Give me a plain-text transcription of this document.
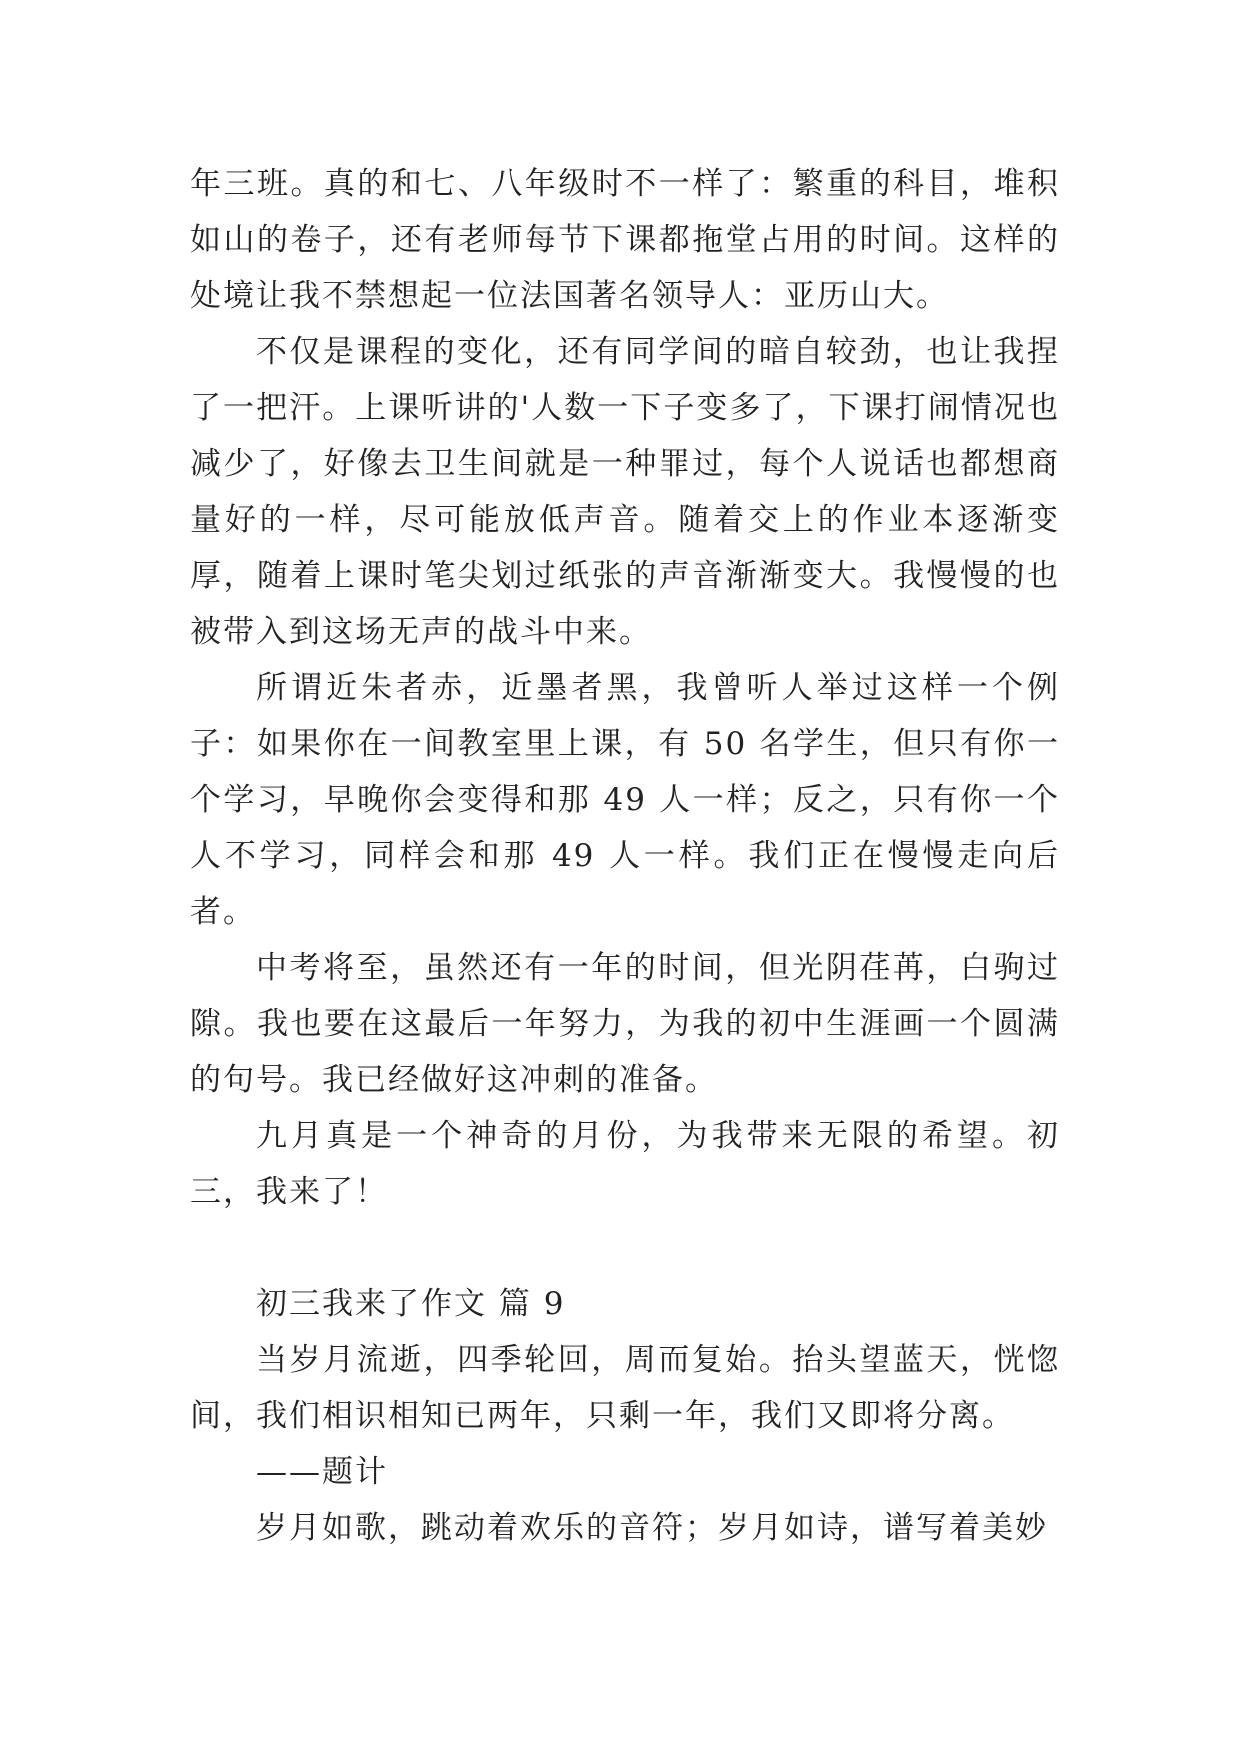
年三班。真的和七、八年级时不一样了：繁重的科目，堆积如山的卷子，还有老师每节下课都拖堂占用的时间。这样的处境让我不禁想起一位法国著名领导人：亚历山大。

不仅是课程的变化，还有同学间的暗自较劲，也让我捏了一把汗。上课听讲的'人数一下子变多了，下课打闹情况也减少了，好像去卫生间就是一种罪过，每个人说话也都想商量好的一样，尽可能放低声音。随着交上的作业本逐渐变厚，随着上课时笔尖划过纸张的声音渐渐变大。我慢慢的也被带入到这场无声的战斗中来。

所谓近朱者赤，近墨者黑，我曾听人举过这样一个例子：如果你在一间教室里上课，有 50 名学生，但只有你一个学习，早晚你会变得和那 49 人一样；反之，只有你一个人不学习，同样会和那 49 人一样。我们正在慢慢走向后者。

中考将至，虽然还有一年的时间，但光阴荏苒，白驹过隙。我也要在这最后一年努力，为我的初中生涯画一个圆满的句号。我已经做好这冲刺的准备。

九月真是一个神奇的月份，为我带来无限的希望。初三，我来了！

初三我来了作文 篇 9

当岁月流逝，四季轮回，周而复始。抬头望蓝天，恍惚间，我们相识相知已两年，只剩一年，我们又即将分离。

——题计

岁月如歌，跳动着欢乐的音符；岁月如诗，谱写着美妙
